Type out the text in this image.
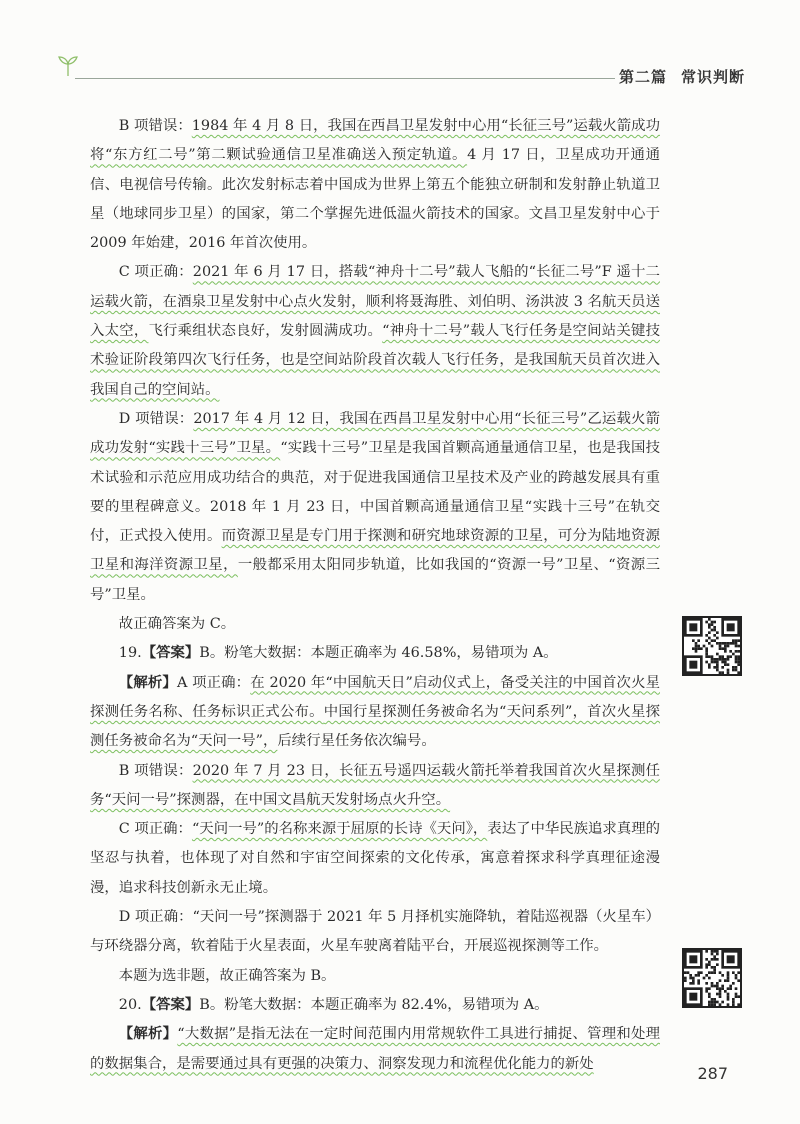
第二篇 常识判断

B 项错误：1984 年 4 月 8 日，我国在西昌卫星发射中心用“长征三号”运载火箭成功将“东方红二号”第二颗试验通信卫星准确送入预定轨道。4 月 17 日，卫星成功开通通信、电视信号传输。此次发射标志着中国成为世界上第五个能独立研制和发射静止轨道卫星（地球同步卫星）的国家，第二个掌握先进低温火箭技术的国家。文昌卫星发射中心于 2009 年始建，2016 年首次使用。

C 项正确：2021 年 6 月 17 日，搭载“神舟十二号”载人飞船的“长征二号”F 遥十二运载火箭，在酒泉卫星发射中心点火发射，顺利将聂海胜、刘伯明、汤洪波 3 名航天员送入太空，飞行乘组状态良好，发射圆满成功。“神舟十二号”载人飞行任务是空间站关键技术验证阶段第四次飞行任务，也是空间站阶段首次载人飞行任务，是我国航天员首次进入我国自己的空间站。

D 项错误：2017 年 4 月 12 日，我国在西昌卫星发射中心用“长征三号”乙运载火箭成功发射“实践十三号”卫星。“实践十三号”卫星是我国首颗高通量通信卫星，也是我国技术试验和示范应用成功结合的典范，对于促进我国通信卫星技术及产业的跨越发展具有重要的里程碑意义。2018 年 1 月 23 日，中国首颗高通量通信卫星“实践十三号”在轨交付，正式投入使用。而资源卫星是专门用于探测和研究地球资源的卫星，可分为陆地资源卫星和海洋资源卫星，一般都采用太阳同步轨道，比如我国的“资源一号”卫星、“资源三号”卫星。

故正确答案为 C。

19.【答案】B。粉笔大数据：本题正确率为 46.58%，易错项为 A。

【解析】A 项正确：在 2020 年“中国航天日”启动仪式上，备受关注的中国首次火星探测任务名称、任务标识正式公布。中国行星探测任务被命名为“天问系列”，首次火星探测任务被命名为“天问一号”，后续行星任务依次编号。

B 项错误：2020 年 7 月 23 日，长征五号遥四运载火箭托举着我国首次火星探测任务“天问一号”探测器，在中国文昌航天发射场点火升空。

C 项正确：“天问一号”的名称来源于屈原的长诗《天问》，表达了中华民族追求真理的坚忍与执着，也体现了对自然和宇宙空间探索的文化传承，寓意着探求科学真理征途漫漫，追求科技创新永无止境。

D 项正确：“天问一号”探测器于 2021 年 5 月择机实施降轨，着陆巡视器（火星车）与环绕器分离，软着陆于火星表面，火星车驶离着陆平台，开展巡视探测等工作。

本题为选非题，故正确答案为 B。

20.【答案】B。粉笔大数据：本题正确率为 82.4%，易错项为 A。

【解析】“大数据”是指无法在一定时间范围内用常规软件工具进行捕捉、管理和处理的数据集合，是需要通过具有更强的决策力、洞察发现力和流程优化能力的新处

287
